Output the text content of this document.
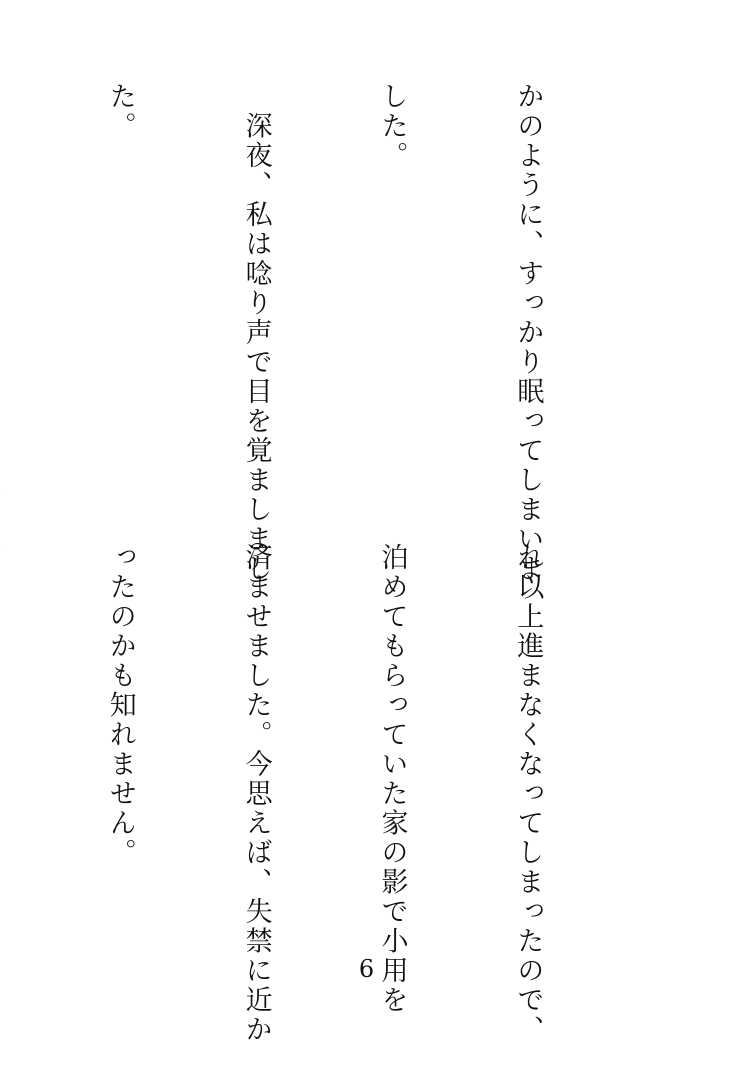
かのように、すっかり眠ってしまいま

した。

　深夜、私は唸り声で目を覚ましまし

た。

れ以上進まなくなってしまったので、

泊めてもらっていた家の影で小用を

済ませました。今思えば、失禁に近か

ったのかも知れません。

6
